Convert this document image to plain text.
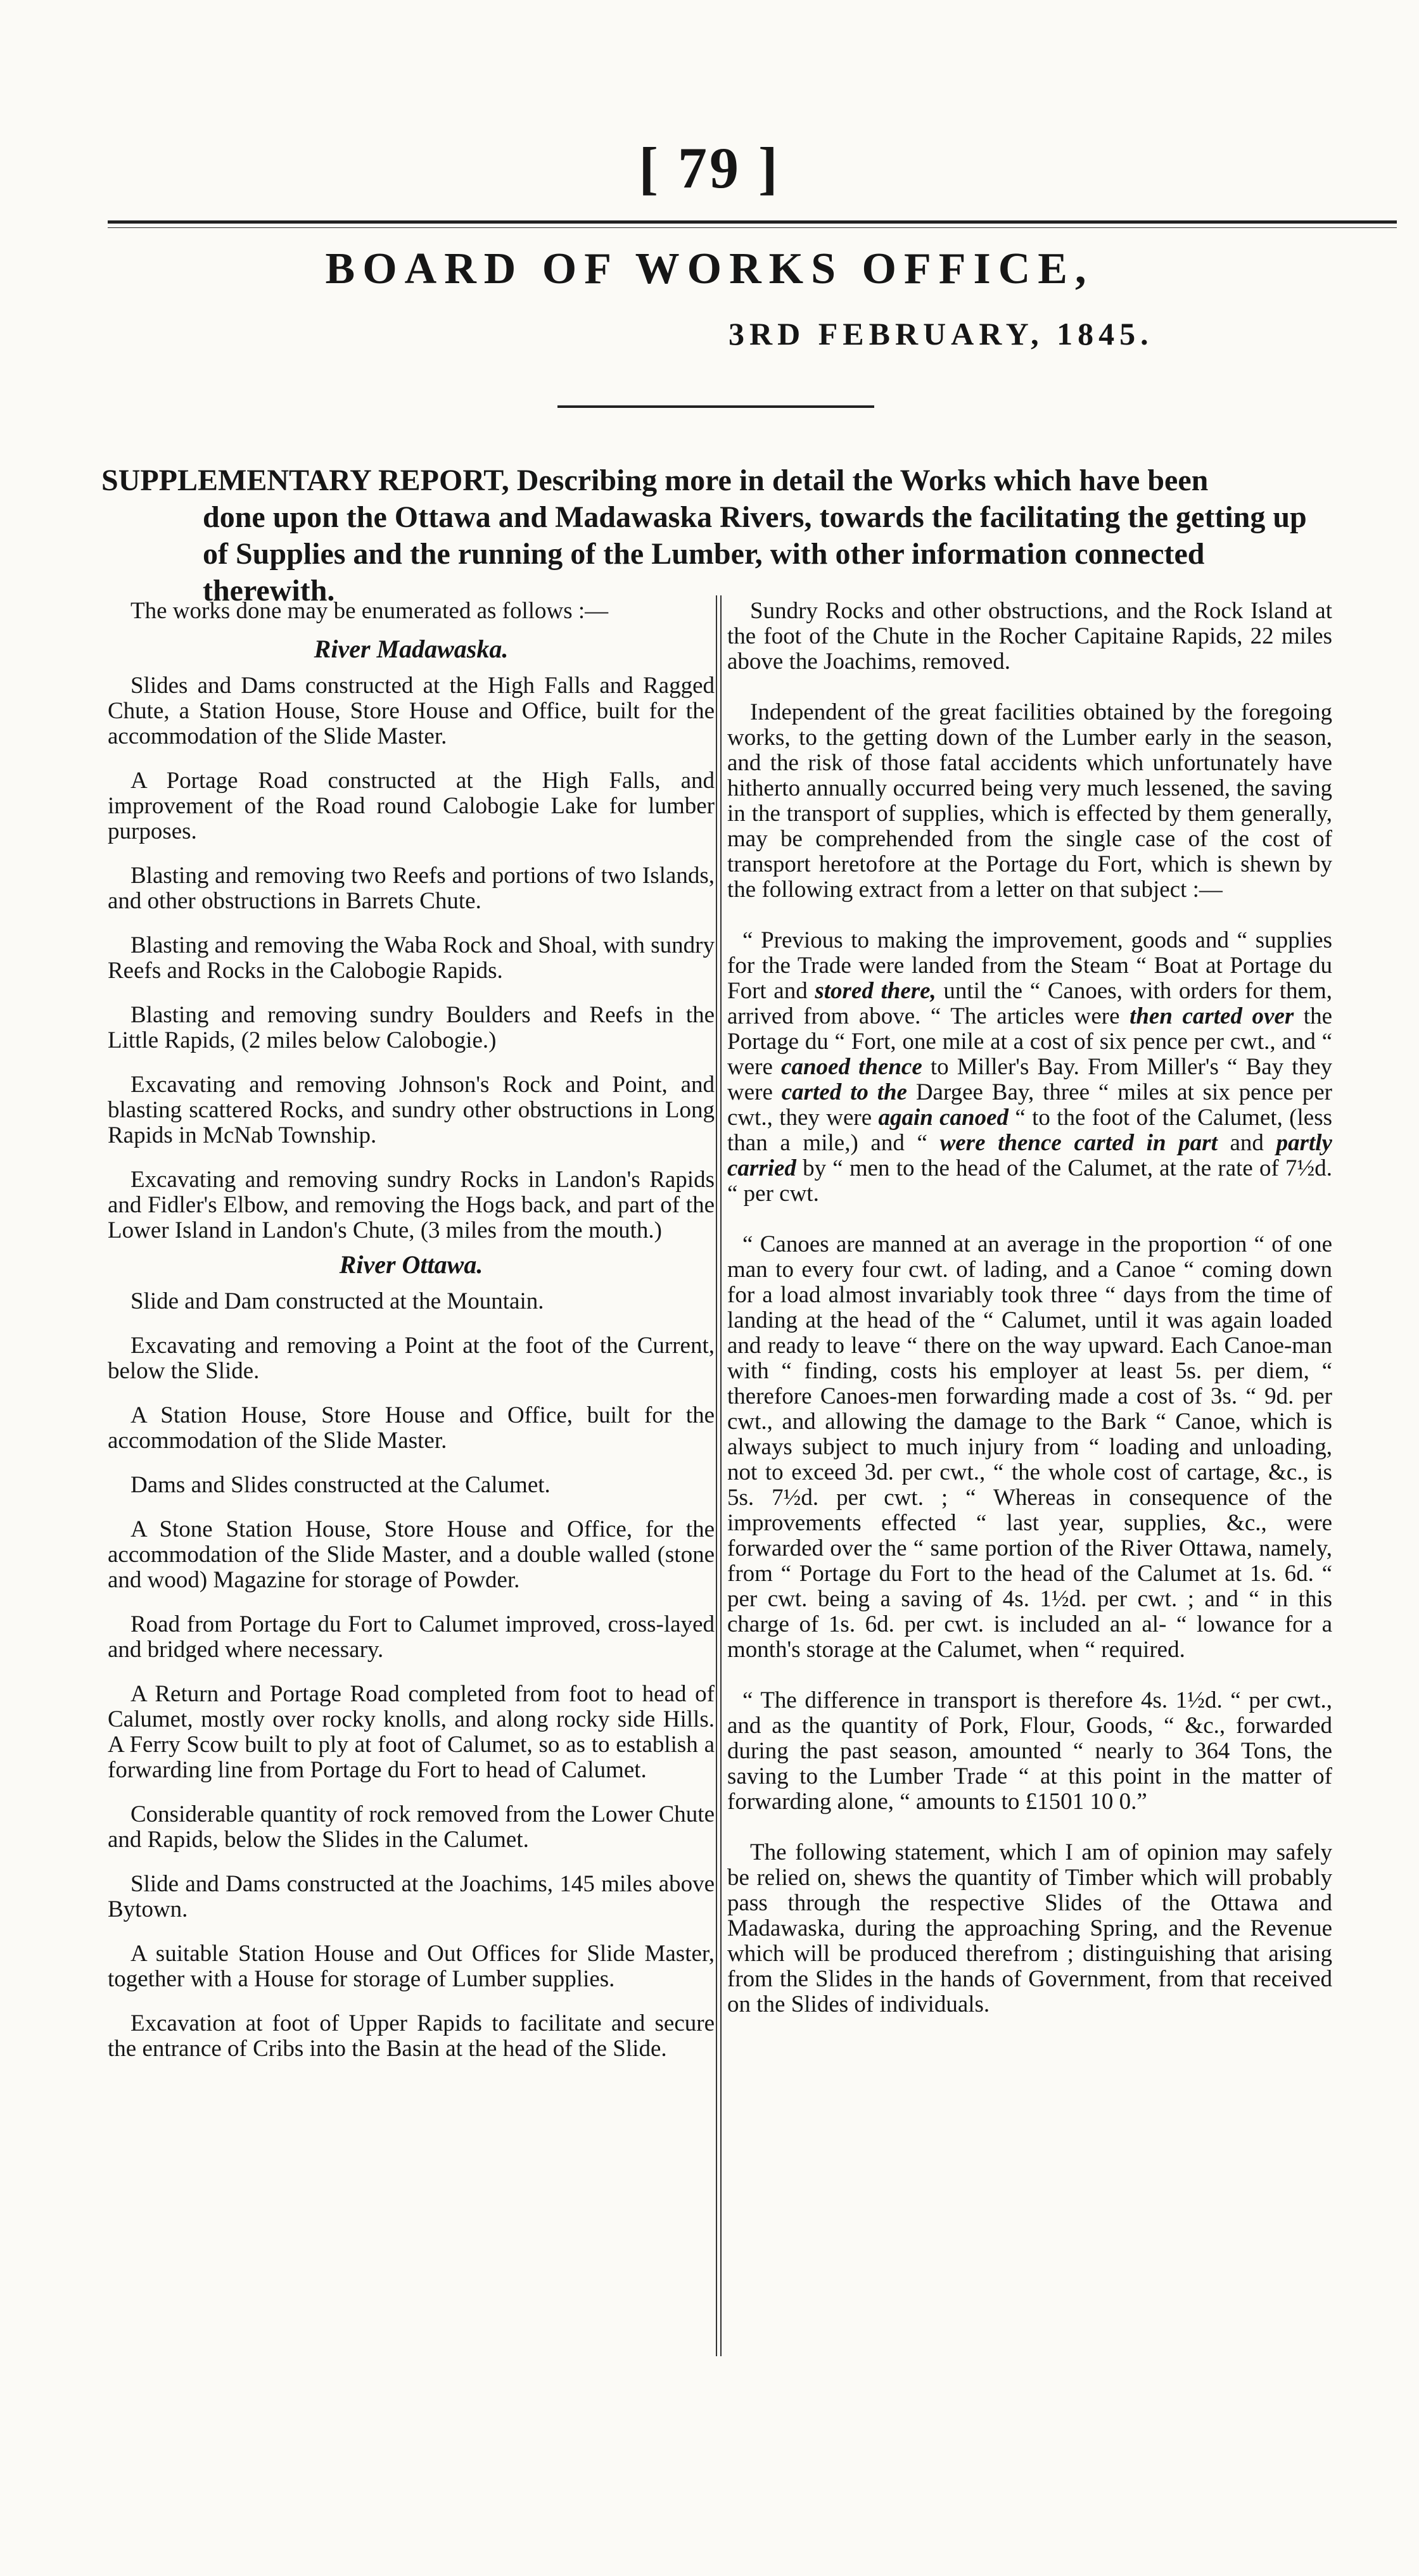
[ 79 ]
BOARD OF WORKS OFFICE,
3RD FEBRUARY, 1845.
SUPPLEMENTARY REPORT, Describing more in detail the Works which have been
done upon the Ottawa and Madawaska Rivers, towards the facilitating the getting up of Supplies and the running of the Lumber, with other information connected therewith.

The works done may be enumerated as follows :—

River Madawaska.

Slides and Dams constructed at the High Falls and Ragged Chute, a Station House, Store House and Office, built for the accommodation of the Slide Master.

A Portage Road constructed at the High Falls, and improvement of the Road round Calobogie Lake for lumber purposes.

Blasting and removing two Reefs and portions of two Islands, and other obstructions in Barrets Chute.

Blasting and removing the Waba Rock and Shoal, with sundry Reefs and Rocks in the Calobogie Rapids.

Blasting and removing sundry Boulders and Reefs in the Little Rapids, (2 miles below Calobogie.)

Excavating and removing Johnson's Rock and Point, and blasting scattered Rocks, and sundry other obstructions in Long Rapids in McNab Township.

Excavating and removing sundry Rocks in Landon's Rapids and Fidler's Elbow, and removing the Hogs back, and part of the Lower Island in Landon's Chute, (3 miles from the mouth.)

River Ottawa.

Slide and Dam constructed at the Mountain.

Excavating and removing a Point at the foot of the Current, below the Slide.

A Station House, Store House and Office, built for the accommodation of the Slide Master.

Dams and Slides constructed at the Calumet.

A Stone Station House, Store House and Office, for the accommodation of the Slide Master, and a double walled (stone and wood) Magazine for storage of Powder.

Road from Portage du Fort to Calumet improved, cross-layed and bridged where necessary.

A Return and Portage Road completed from foot to head of Calumet, mostly over rocky knolls, and along rocky side Hills. A Ferry Scow built to ply at foot of Calumet, so as to establish a forwarding line from Portage du Fort to head of Calumet.

Considerable quantity of rock removed from the Lower Chute and Rapids, below the Slides in the Calumet.

Slide and Dams constructed at the Joachims, 145 miles above Bytown.

A suitable Station House and Out Offices for Slide Master, together with a House for storage of Lumber supplies.

Excavation at foot of Upper Rapids to facilitate and secure the entrance of Cribs into the Basin at the head of the Slide.

Sundry Rocks and other obstructions, and the Rock Island at the foot of the Chute in the Rocher Capitaine Rapids, 22 miles above the Joachims, removed.

Independent of the great facilities obtained by the foregoing works, to the getting down of the Lumber early in the season, and the risk of those fatal accidents which unfortunately have hitherto annually occurred being very much lessened, the saving in the transport of supplies, which is effected by them generally, may be comprehended from the single case of the cost of transport heretofore at the Portage du Fort, which is shewn by the following extract from a letter on that subject :—

“ Previous to making the improvement, goods and “ supplies for the Trade were landed from the Steam “ Boat at Portage du Fort and stored there, until the “ Canoes, with orders for them, arrived from above. “ The articles were then carted over the Portage du “ Fort, one mile at a cost of six pence per cwt., and “ were canoed thence to Miller's Bay. From Miller's “ Bay they were carted to the Dargee Bay, three “ miles at six pence per cwt., they were again canoed “ to the foot of the Calumet, (less than a mile,) and “ were thence carted in part and partly carried by “ men to the head of the Calumet, at the rate of 7½d. “ per cwt.

“ Canoes are manned at an average in the proportion “ of one man to every four cwt. of lading, and a Canoe “ coming down for a load almost invariably took three “ days from the time of landing at the head of the “ Calumet, until it was again loaded and ready to leave “ there on the way upward. Each Canoe-man with “ finding, costs his employer at least 5s. per diem, “ therefore Canoes-men forwarding made a cost of 3s. “ 9d. per cwt., and allowing the damage to the Bark “ Canoe, which is always subject to much injury from “ loading and unloading, not to exceed 3d. per cwt., “ the whole cost of cartage, &c., is 5s. 7½d. per cwt. ; “ Whereas in consequence of the improvements effected “ last year, supplies, &c., were forwarded over the “ same portion of the River Ottawa, namely, from “ Portage du Fort to the head of the Calumet at 1s. 6d. “ per cwt. being a saving of 4s. 1½d. per cwt. ; and “ in this charge of 1s. 6d. per cwt. is included an al- “ lowance for a month's storage at the Calumet, when “ required.

“ The difference in transport is therefore 4s. 1½d. “ per cwt., and as the quantity of Pork, Flour, Goods, “ &c., forwarded during the past season, amounted “ nearly to 364 Tons, the saving to the Lumber Trade “ at this point in the matter of forwarding alone, “ amounts to £1501 10 0.”

The following statement, which I am of opinion may safely be relied on, shews the quantity of Timber which will probably pass through the respective Slides of the Ottawa and Madawaska, during the approaching Spring, and the Revenue which will be produced therefrom ; distinguishing that arising from the Slides in the hands of Government, from that received on the Slides of individuals.
